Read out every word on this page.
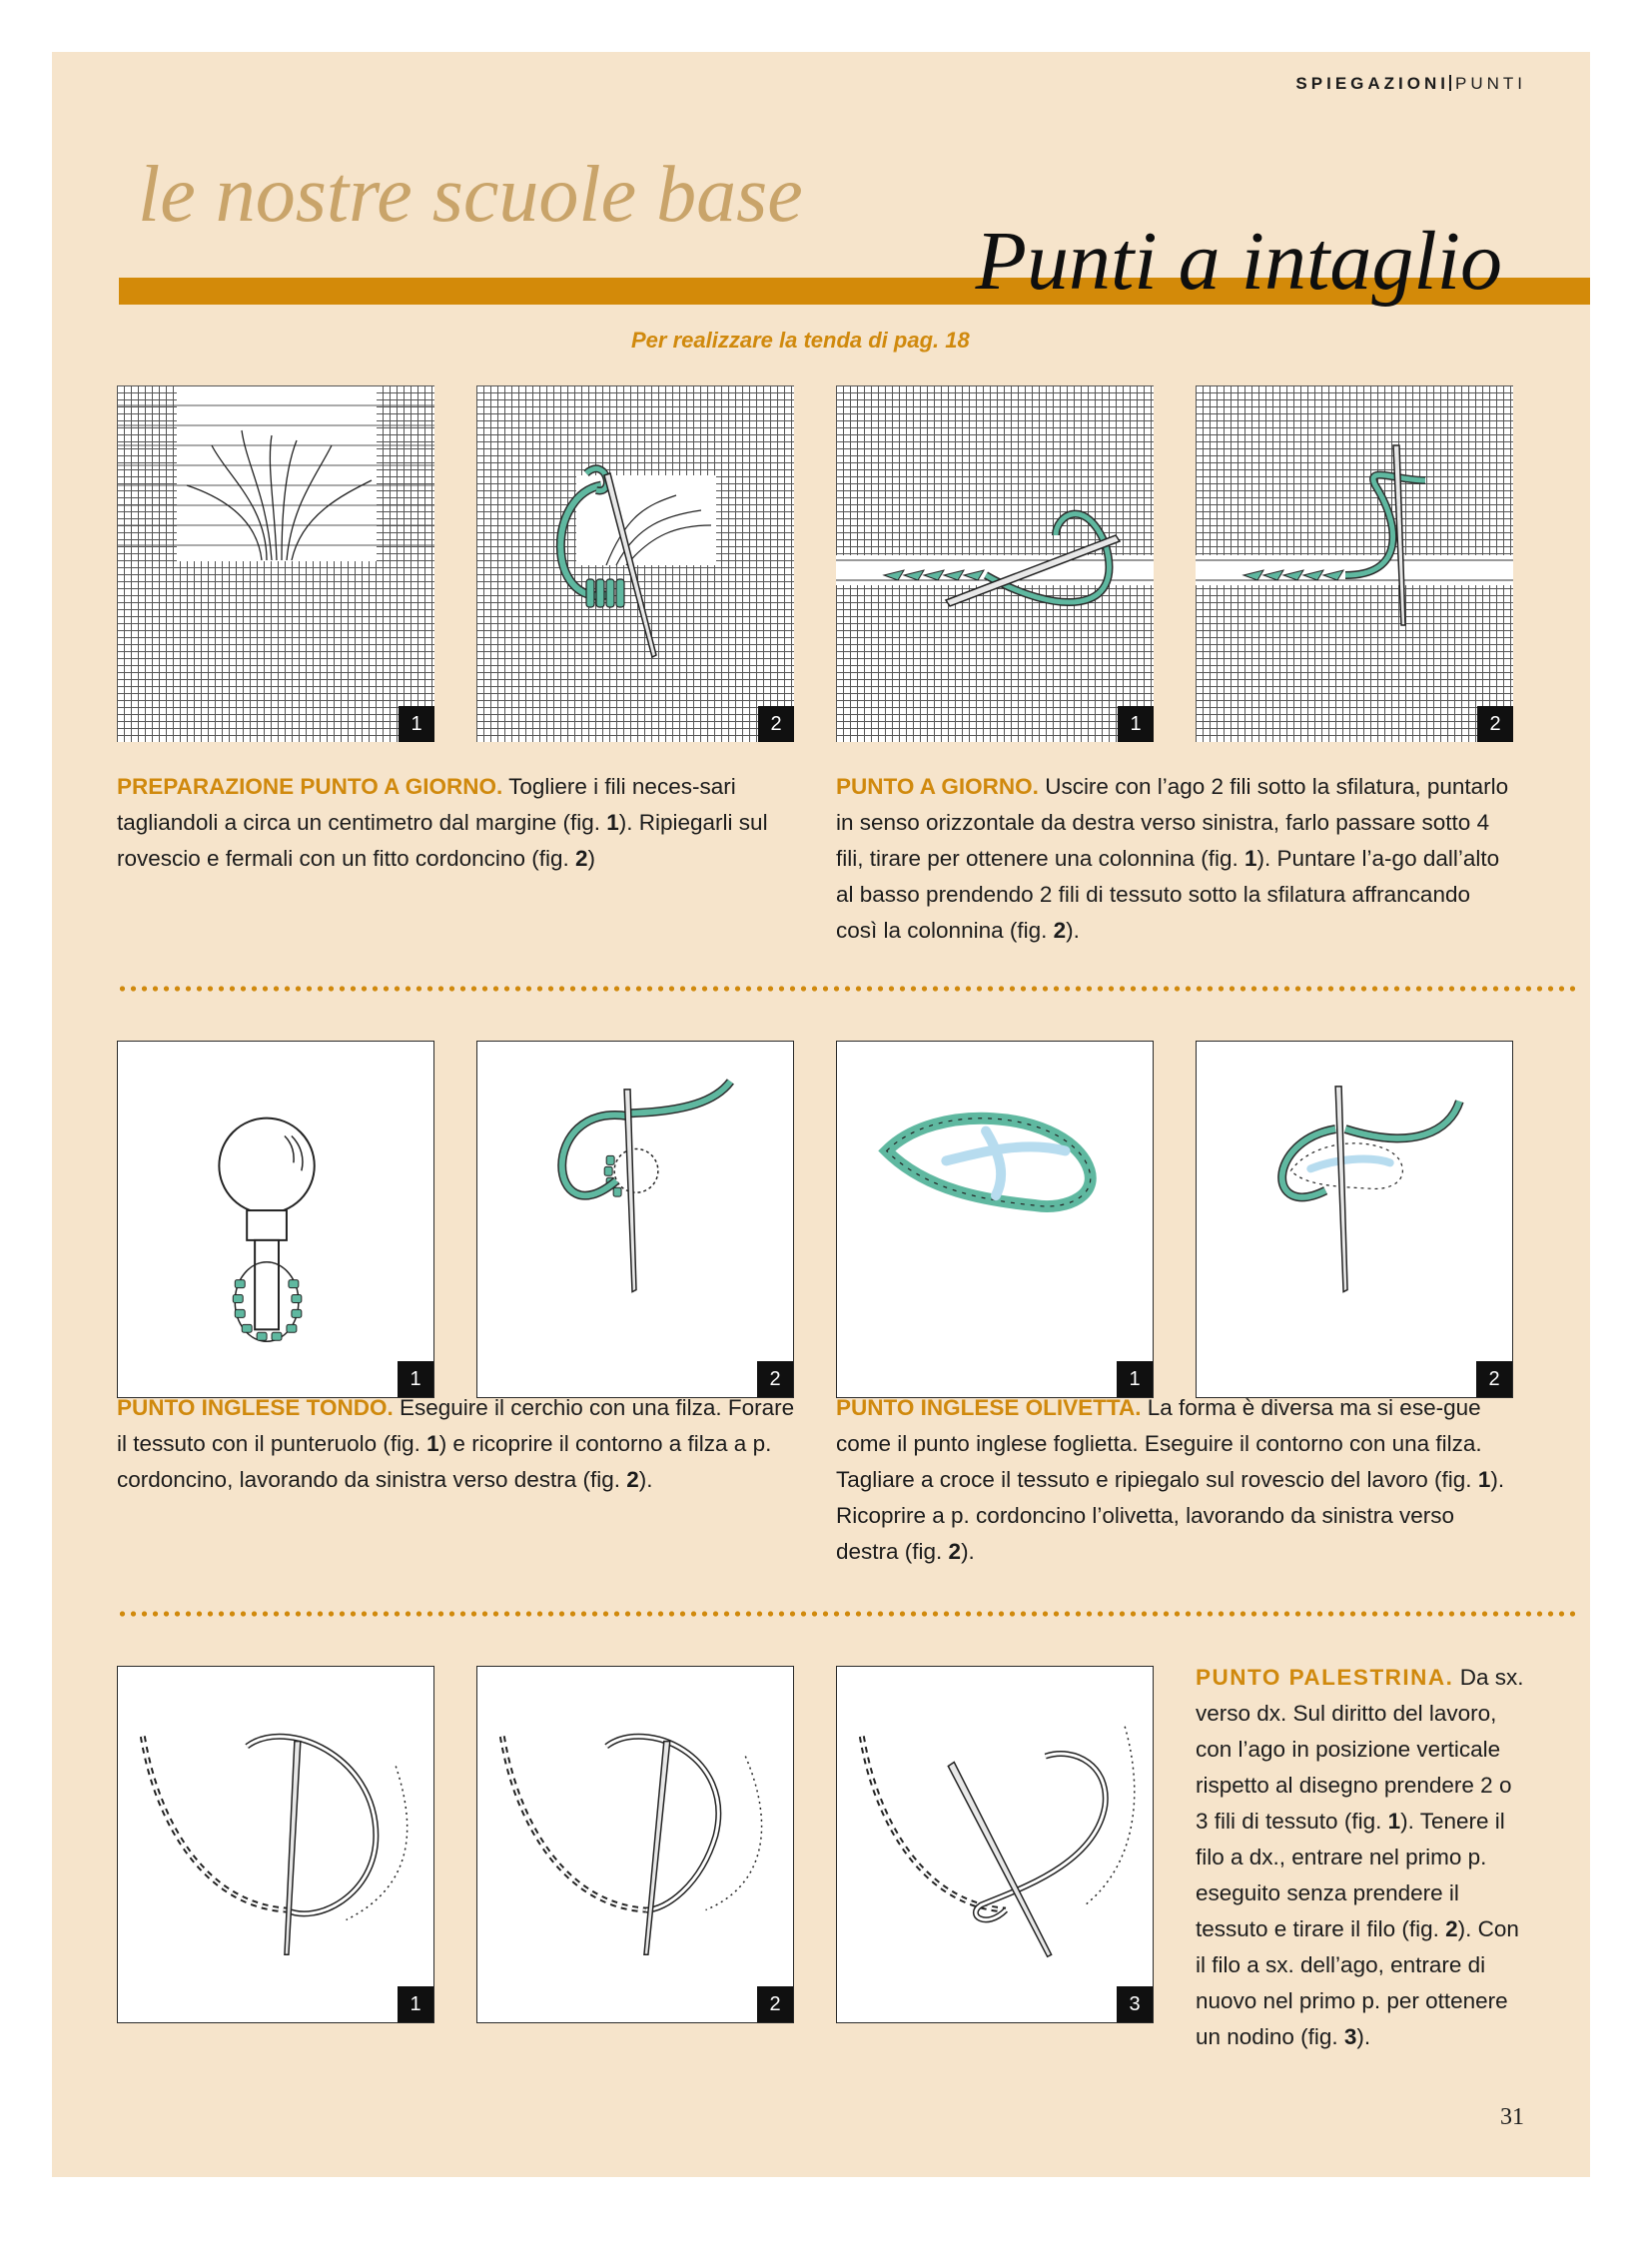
SPIEGAZIONI PUNTI
le nostre scuole base
Punti a intaglio
Per realizzare la tenda di pag. 18
1	2	1	2
PREPARAZIONE PUNTO A GIORNO. Togliere i fili neces-sari tagliandoli a circa un centimetro dal margine (fig. 1). Ripiegarli sul rovescio e fermali con un fitto cordoncino (fig. 2)
PUNTO A GIORNO. Uscire con l’ago 2 fili sotto la sfilatura, puntarlo in senso orizzontale da destra verso sinistra, farlo passare sotto 4 fili, tirare per ottenere una colonnina (fig. 1). Puntare l’a-go dall’alto al basso prendendo 2 fili di tessuto sotto la sfilatura affrancando così la colonnina (fig. 2).
1	2	1	2
PUNTO INGLESE TONDO. Eseguire il cerchio con una filza. Forare il tessuto con il punteruolo (fig. 1) e ricoprire il contorno a filza a p. cordoncino, lavorando da sinistra verso destra (fig. 2).
PUNTO INGLESE OLIVETTA. La forma è diversa ma si ese-gue come il punto inglese foglietta. Eseguire il contorno con una filza. Tagliare a croce il tessuto e ripiegalo sul rovescio del lavoro (fig. 1). Ricoprire a p. cordoncino l’olivetta, lavorando da sinistra verso destra (fig. 2).
1	2	3
PUNTO PALESTRINA. Da sx. verso dx. Sul diritto del lavoro, con l’ago in posizione verticale rispetto al disegno prendere 2 o 3 fili di tessuto (fig. 1). Tenere il filo a dx., entrare nel primo p. eseguito senza prendere il tessuto e tirare il filo (fig. 2). Con il filo a sx. dell’ago, entrare di nuovo nel primo p. per ottenere un nodino (fig. 3).
31
